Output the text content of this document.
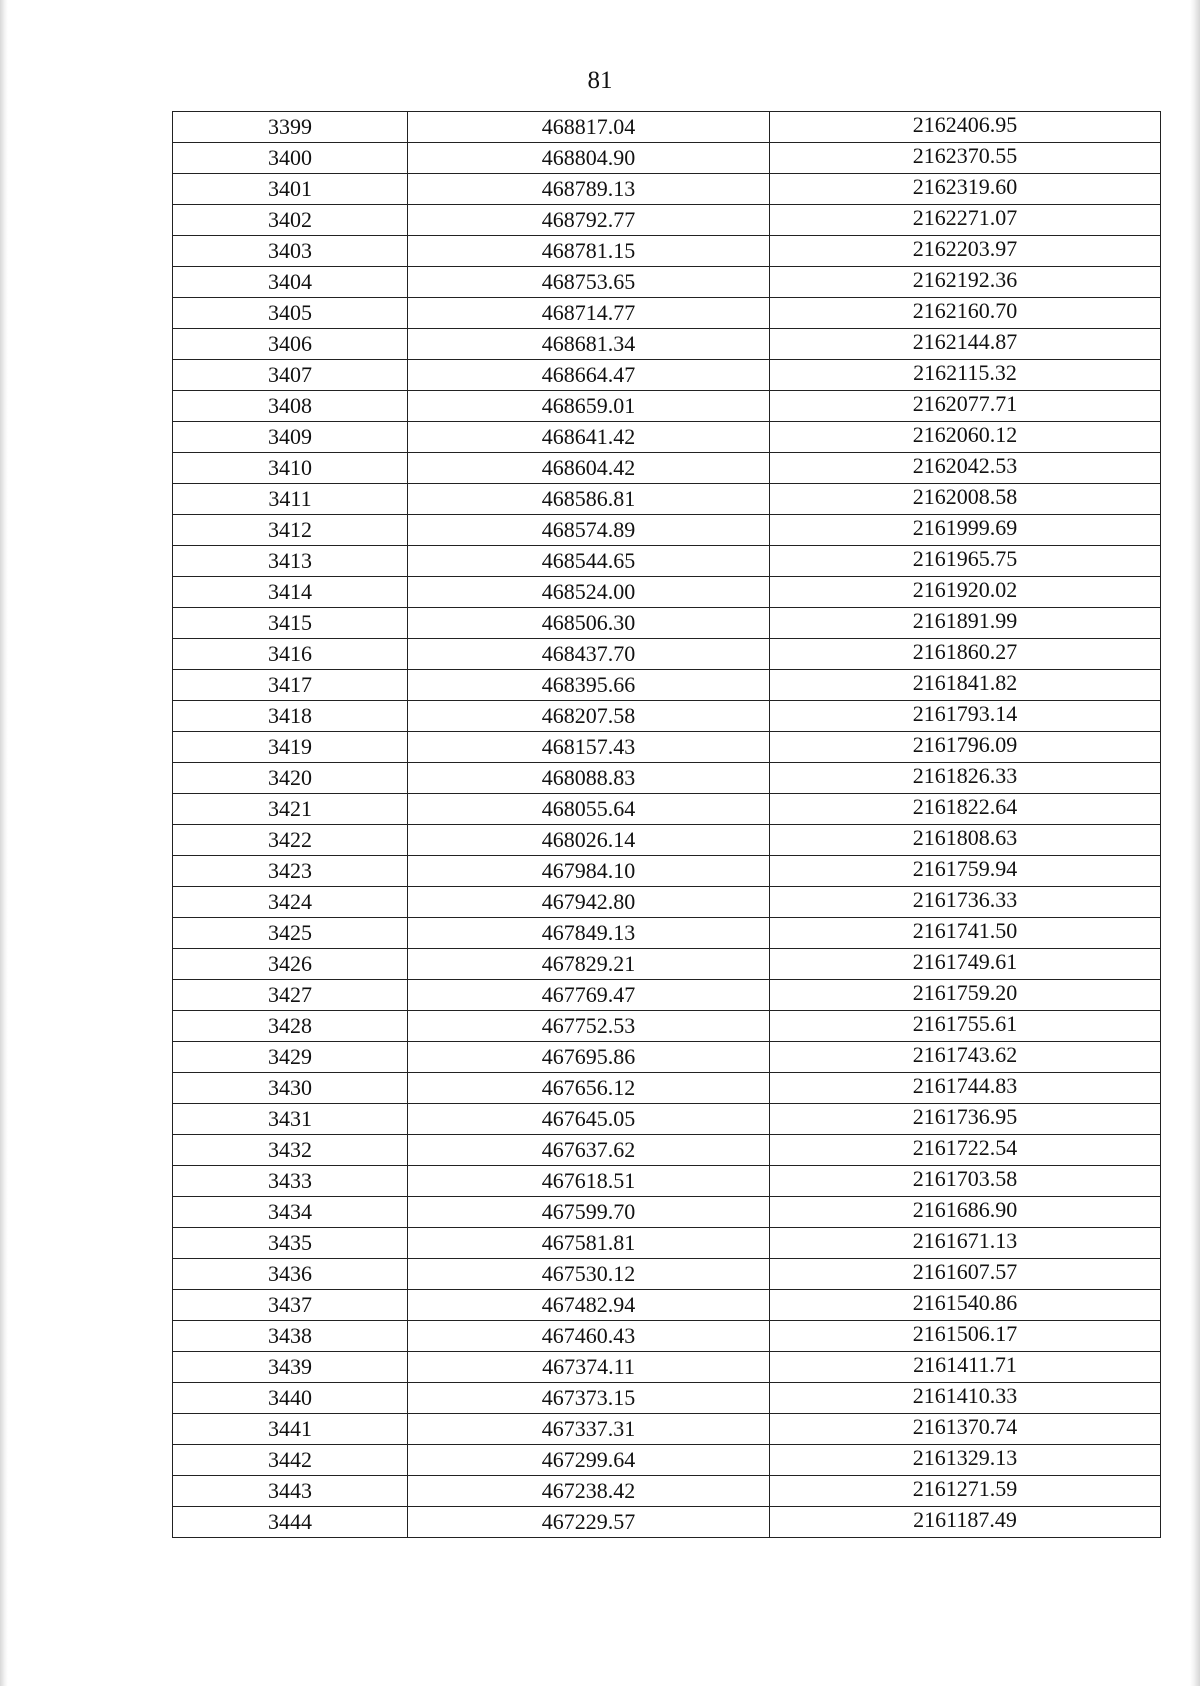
81
3399	468817.04	2162406.95
3400	468804.90	2162370.55
3401	468789.13	2162319.60
3402	468792.77	2162271.07
3403	468781.15	2162203.97
3404	468753.65	2162192.36
3405	468714.77	2162160.70
3406	468681.34	2162144.87
3407	468664.47	2162115.32
3408	468659.01	2162077.71
3409	468641.42	2162060.12
3410	468604.42	2162042.53
3411	468586.81	2162008.58
3412	468574.89	2161999.69
3413	468544.65	2161965.75
3414	468524.00	2161920.02
3415	468506.30	2161891.99
3416	468437.70	2161860.27
3417	468395.66	2161841.82
3418	468207.58	2161793.14
3419	468157.43	2161796.09
3420	468088.83	2161826.33
3421	468055.64	2161822.64
3422	468026.14	2161808.63
3423	467984.10	2161759.94
3424	467942.80	2161736.33
3425	467849.13	2161741.50
3426	467829.21	2161749.61
3427	467769.47	2161759.20
3428	467752.53	2161755.61
3429	467695.86	2161743.62
3430	467656.12	2161744.83
3431	467645.05	2161736.95
3432	467637.62	2161722.54
3433	467618.51	2161703.58
3434	467599.70	2161686.90
3435	467581.81	2161671.13
3436	467530.12	2161607.57
3437	467482.94	2161540.86
3438	467460.43	2161506.17
3439	467374.11	2161411.71
3440	467373.15	2161410.33
3441	467337.31	2161370.74
3442	467299.64	2161329.13
3443	467238.42	2161271.59
3444	467229.57	2161187.49
